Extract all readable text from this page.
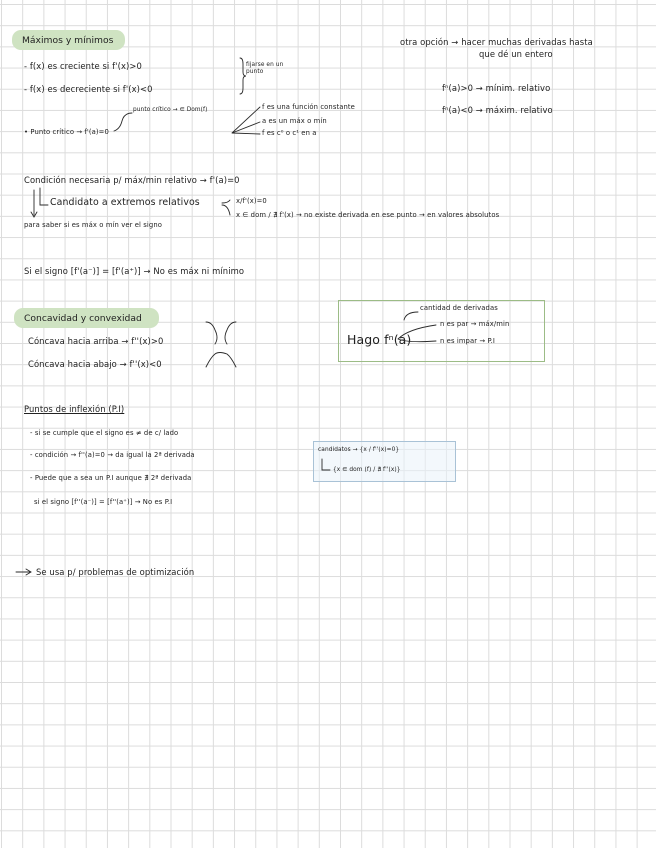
Máximos y mínimos
- f(x) es creciente si f'(x)>0
- f(x) es decreciente si f'(x)<0
fijarse en un punto
otra opción → hacer muchas derivadas hasta
que dé un entero
fⁿ(a)>0 → mínim. relativo
fⁿ(a)<0 → máxim. relativo
punto crítico → ∈ Dom(f)
• Punto crítico → f'(a)=0
f es una función constante
a es un máx o mín
f es c⁰ o c¹ en a
Condición necesaria p/ máx/min relativo → f'(a)=0
Candidato a extremos relativos	x/f'(x)=0
x ∈ dom / ∄ f'(x) → no existe derivada en ese punto → en valores absolutos
para saber si es máx o mín ver el signo
Si el signo [f'(a⁻)] = [f'(a⁺)] → No es máx ni mínimo
Concavidad y convexidad
Cóncava hacia arriba → f''(x)>0
Cóncava hacia abajo → f''(x)<0
Hago fⁿ(a)
cantidad de derivadas
n es par → máx/min
n es impar → P.I
Puntos de inflexión (P.I)
- si se cumple que el signo es ≠ de c/ lado
- condición → f''(a)=0 → da igual la 2ª derivada
- Puede que a sea un P.I aunque ∄ 2ª derivada
si el signo [f''(a⁻)] = [f''(a⁺)] → No es P.I
candidatos → {x / f''(x)=0}
{x ∈ dom (f) / ∄ f''(x)}
Se usa p/ problemas de optimización
